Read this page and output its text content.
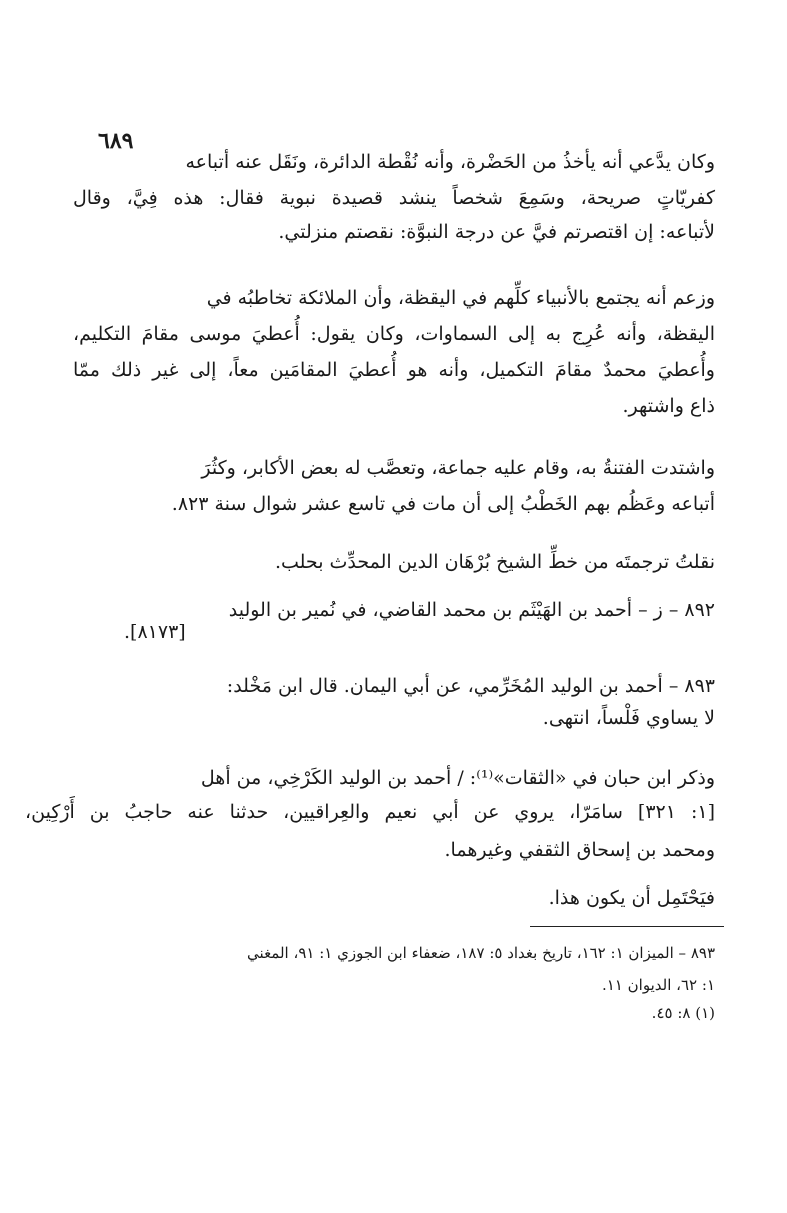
٦٨٩
وكان يدَّعي أنه يأخذُ من الحَضْرة، وأنه نُقْطة الدائرة، ونَقَل عنه أتباعه
كفريّاتٍ صريحة، وسَمِعَ شخصاً ينشد قصيدة نبوية فقال: هذه فِيَّ، وقال
لأتباعه: إن اقتصرتم فيَّ عن درجة النبوَّة: نقصتم منزلتي.
وزعم أنه يجتمع بالأنبياء كلِّهم في اليقظة، وأن الملائكة تخاطبُه في
اليقظة، وأنه عُرِج به إلى السماوات، وكان يقول: أُعطيَ موسى مقامَ التكليم،
وأُعطيَ محمدٌ مقامَ التكميل، وأنه هو أُعطيَ المقامَين معاً، إلى غير ذلك ممّا
ذاع واشتهر.
واشتدت الفتنةُ به، وقام عليه جماعة، وتعصَّب له بعض الأكابر، وكثُرَ
أتباعه وعَظُم بهم الخَطْبُ إلى أن مات في تاسع عشر شوال سنة ٨٢٣.
نقلتُ ترجمتَه من خطِّ الشيخ بُرْهَان الدين المحدِّث بحلب.
٨٩٢ – ز – أحمد بن الهَيْثَم بن محمد القاضي، في نُمير بن الوليد
[٨١٧٣].
٨٩٣ – أحمد بن الوليد المُخَرِّمي، عن أبي اليمان. قال ابن مَخْلد:
لا يساوي فَلْساً، انتهى.
وذكر ابن حبان في «الثقات»⁽¹⁾: / أحمد بن الوليد الكَرْخِي، من أهل
[١: ٣٢١] سامَرّا، يروي عن أبي نعيم والعِراقيين، حدثنا عنه حاجبُ بن أَرْكِين،
ومحمد بن إسحاق الثقفي وغيرهما.
فيَحْتَمِل أن يكون هذا.
٨٩٣ – الميزان ١: ١٦٢، تاريخ بغداد ٥: ١٨٧، ضعفاء ابن الجوزي ١: ٩١، المغني
١: ٦٢، الديوان ١١.
(١) ٨: ٤٥.
